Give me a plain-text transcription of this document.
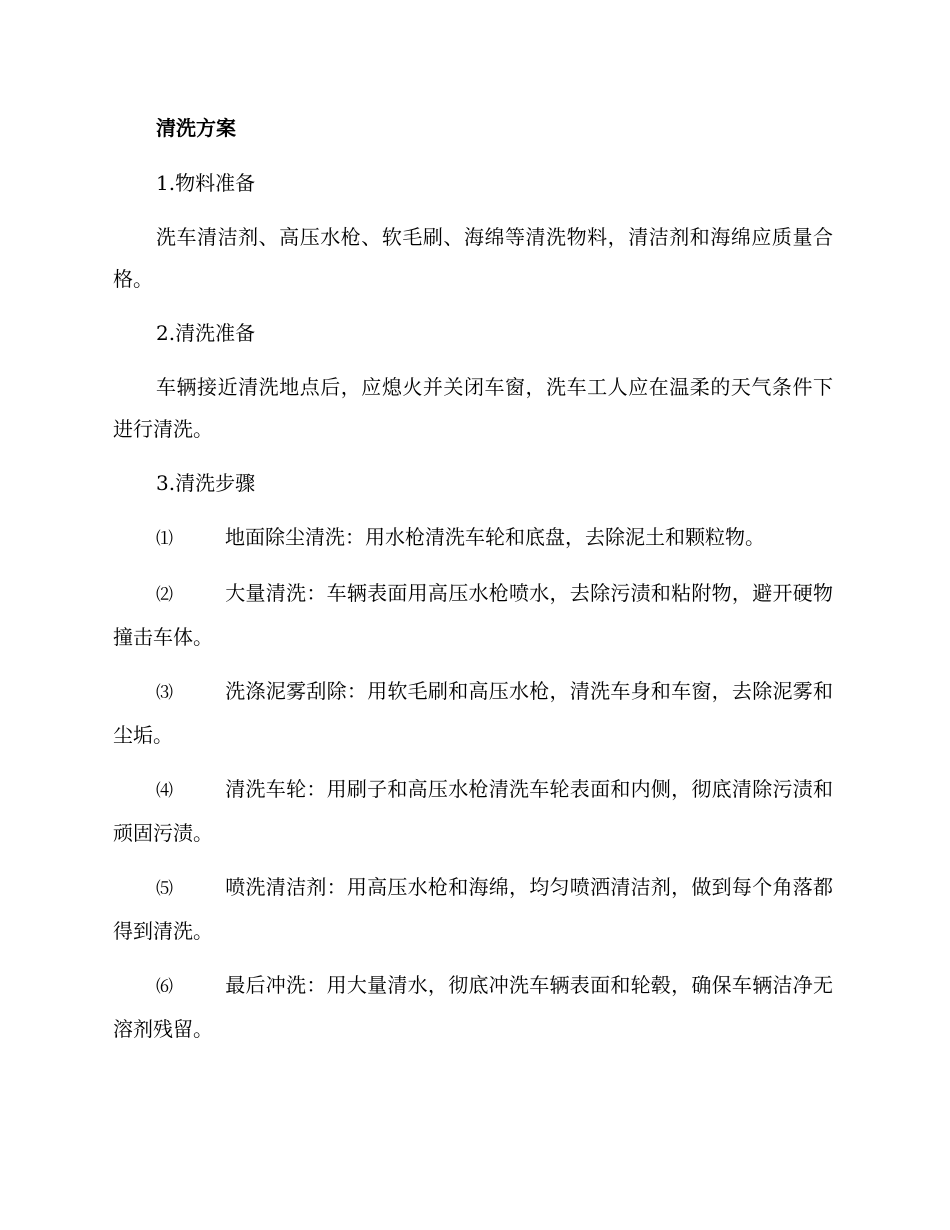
清洗方案

1.物料准备

洗车清洁剂、高压水枪、软毛刷、海绵等清洗物料，清洁剂和海绵应质量合格。

2.清洗准备

车辆接近清洗地点后，应熄火并关闭车窗，洗车工人应在温柔的天气条件下进行清洗。

3.清洗步骤

⑴	地面除尘清洗：用水枪清洗车轮和底盘，去除泥土和颗粒物。

⑵	大量清洗：车辆表面用高压水枪喷水，去除污渍和粘附物，避开硬物撞击车体。

⑶	洗涤泥雾刮除：用软毛刷和高压水枪，清洗车身和车窗，去除泥雾和尘垢。

⑷	清洗车轮：用刷子和高压水枪清洗车轮表面和内侧，彻底清除污渍和顽固污渍。

⑸	喷洗清洁剂：用高压水枪和海绵，均匀喷洒清洁剂，做到每个角落都得到清洗。

⑹	最后冲洗：用大量清水，彻底冲洗车辆表面和轮毂，确保车辆洁净无溶剂残留。
